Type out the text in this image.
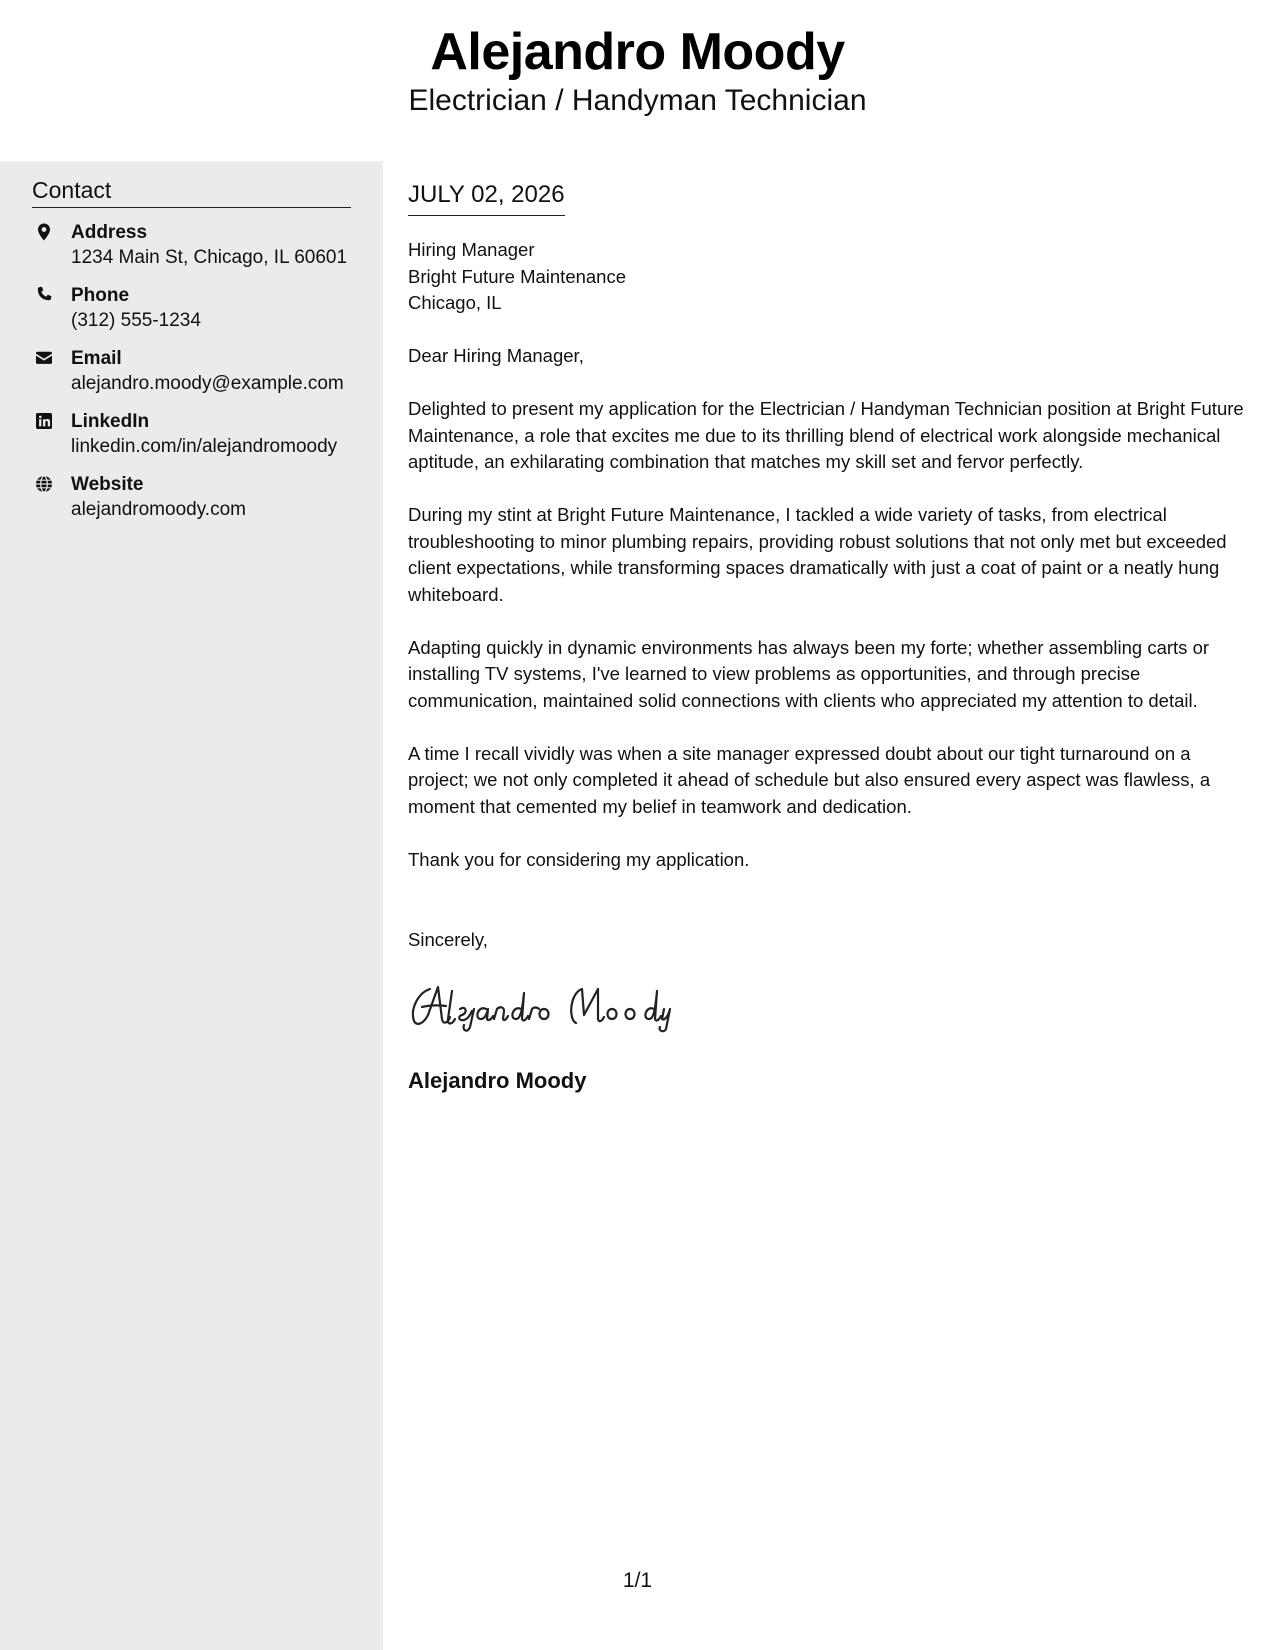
Alejandro Moody
Electrician / Handyman Technician
Contact
Address
1234 Main St, Chicago, IL 60601
Phone
(312) 555-1234
Email
alejandro.moody@example.com
LinkedIn
linkedin.com/in/alejandromoody
Website
alejandromoody.com
JULY 02, 2026
Hiring Manager
Bright Future Maintenance
Chicago, IL

Dear Hiring Manager,

Delighted to present my application for the Electrician / Handyman Technician position at Bright Future Maintenance, a role that excites me due to its thrilling blend of electrical work alongside mechanical aptitude, an exhilarating combination that matches my skill set and fervor perfectly.

During my stint at Bright Future Maintenance, I tackled a wide variety of tasks, from electrical troubleshooting to minor plumbing repairs, providing robust solutions that not only met but exceeded client expectations, while transforming spaces dramatically with just a coat of paint or a neatly hung whiteboard.

Adapting quickly in dynamic environments has always been my forte; whether assembling carts or installing TV systems, I've learned to view problems as opportunities, and through precise communication, maintained solid connections with clients who appreciated my attention to detail.

A time I recall vividly was when a site manager expressed doubt about our tight turnaround on a project; we not only completed it ahead of schedule but also ensured every aspect was flawless, a moment that cemented my belief in teamwork and dedication.

Thank you for considering my application.

Sincerely,
Alejandro Moody
1/1
